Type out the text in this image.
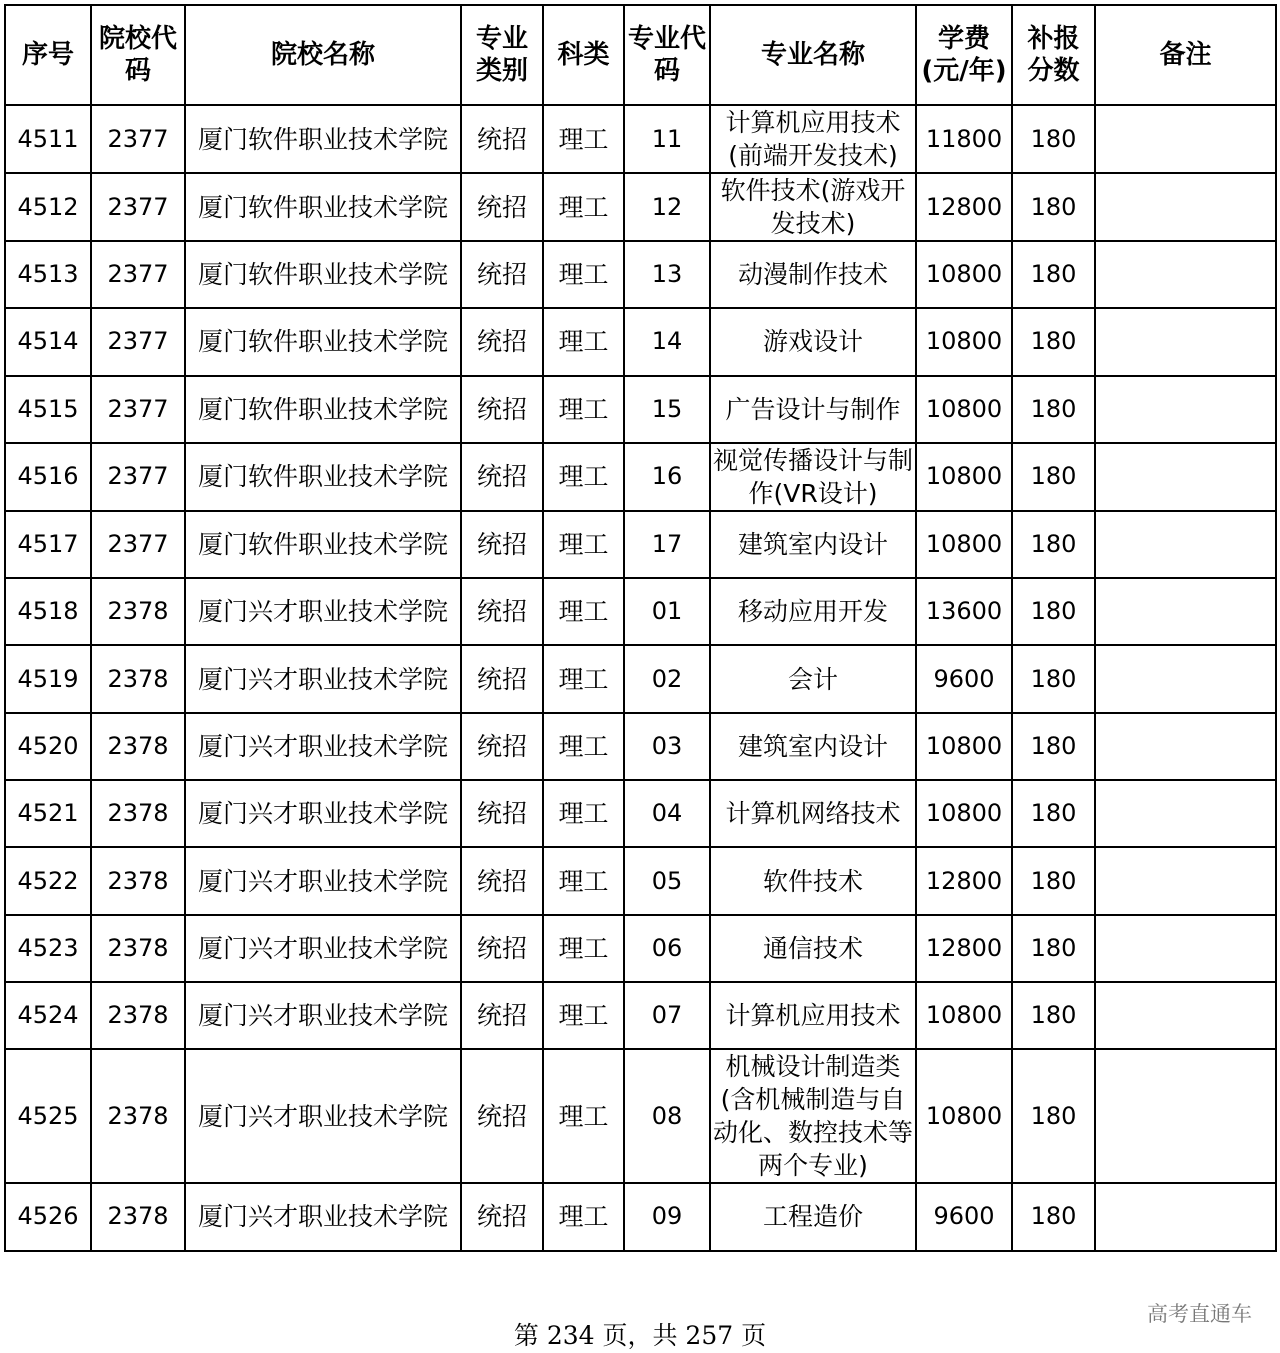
序号	院校代码	院校名称	专业类别	科类	专业代码	专业名称	学费(元/年)	补报分数	备注
4511	2377	厦门软件职业技术学院	统招	理工	11	计算机应用技术(前端开发技术)	11800	180	
4512	2377	厦门软件职业技术学院	统招	理工	12	软件技术(游戏开发技术)	12800	180	
4513	2377	厦门软件职业技术学院	统招	理工	13	动漫制作技术	10800	180	
4514	2377	厦门软件职业技术学院	统招	理工	14	游戏设计	10800	180	
4515	2377	厦门软件职业技术学院	统招	理工	15	广告设计与制作	10800	180	
4516	2377	厦门软件职业技术学院	统招	理工	16	视觉传播设计与制作(VR设计)	10800	180	
4517	2377	厦门软件职业技术学院	统招	理工	17	建筑室内设计	10800	180	
4518	2378	厦门兴才职业技术学院	统招	理工	01	移动应用开发	13600	180	
4519	2378	厦门兴才职业技术学院	统招	理工	02	会计	9600	180	
4520	2378	厦门兴才职业技术学院	统招	理工	03	建筑室内设计	10800	180	
4521	2378	厦门兴才职业技术学院	统招	理工	04	计算机网络技术	10800	180	
4522	2378	厦门兴才职业技术学院	统招	理工	05	软件技术	12800	180	
4523	2378	厦门兴才职业技术学院	统招	理工	06	通信技术	12800	180	
4524	2378	厦门兴才职业技术学院	统招	理工	07	计算机应用技术	10800	180	
4525	2378	厦门兴才职业技术学院	统招	理工	08	机械设计制造类(含机械制造与自动化、数控技术等两个专业)	10800	180	
4526	2378	厦门兴才职业技术学院	统招	理工	09	工程造价	9600	180	
第 234 页，共 257 页
高考直通车
